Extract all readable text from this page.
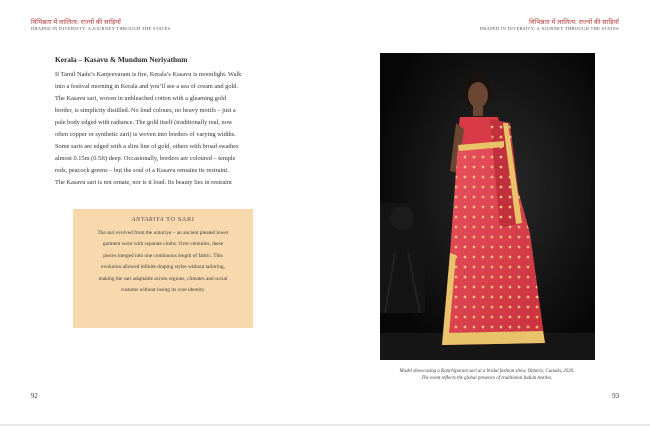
विभिन्नता में लालित्य: राज्यों की साड़ियाँ
DRAPED IN DIVERSITY: A JOURNEY THROUGH THE STATES
विभिन्नता में लालित्य: राज्यों की साड़ियाँ
DRAPED IN DIVERSITY: A JOURNEY THROUGH THE STATES
Kerala – Kasavu & Mundum Neriyathum
If Tamil Nadu’s Kanjeevaram is fire, Kerala’s Kasavu is moonlight. Walk
into a festival morning in Kerala and you’ll see a sea of cream and gold.
The Kasavu sari, woven in unbleached cotton with a gleaming gold
border, is simplicity distilled. No loud colours, no heavy motifs – just a
pale body edged with radiance. The gold itself (traditionally real, now
often copper or synthetic zari) is woven into borders of varying widths.
Some saris are edged with a slim line of gold, others with broad swathes
almost 0.15m (0.5ft) deep. Occasionally, borders are coloured – temple
reds, peacock greens – but the soul of a Kasavu remains its restraint.
The Kasavu sari is not ornate, nor is it loud. Its beauty lies in restraint
ANTARIYA TO SARI
The sari evolved from the antariya – an ancient pleated lower
garment worn with separate cloths. Over centuries, these
pieces merged into one continuous length of fabric. This
evolution allowed infinite draping styles without tailoring,
making the sari adaptable across regions, climates and social
customs without losing its core identity.
92
Model showcasing a Kanchipuram sari at a bridal fashion show, Ontario, Canada, 2020.
The event reflects the global presence of traditional Indian textiles.
93
